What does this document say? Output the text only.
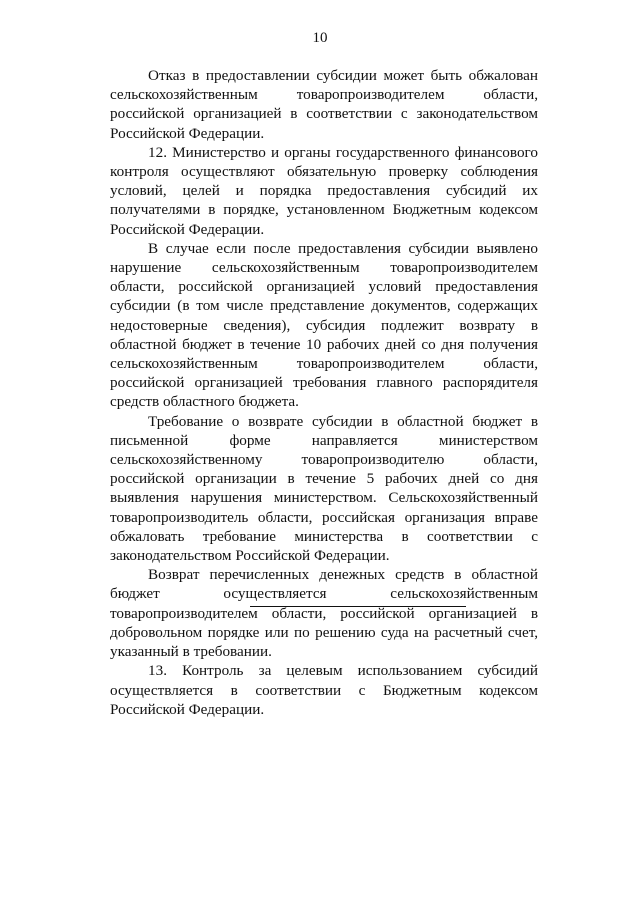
10

Отказ в предоставлении субсидии может быть обжалован сельскохозяйственным товаропроизводителем области, российской организацией в соответствии с законодательством Российской Федерации.

12. Министерство и органы государственного финансового контроля осуществляют обязательную проверку соблюдения условий, целей и порядка предоставления субсидий их получателями в порядке, установленном Бюджетным кодексом Российской Федерации.

В случае если после предоставления субсидии выявлено нарушение сельскохозяйственным товаропроизводителем области, российской организацией условий предоставления субсидии (в том числе представление документов, содержащих недостоверные сведения), субсидия подлежит возврату в областной бюджет в течение 10 рабочих дней со дня получения сельскохозяйственным товаропроизводителем области, российской организацией требования главного распорядителя средств областного бюджета.

Требование о возврате субсидии в областной бюджет в письменной форме направляется министерством сельскохозяйственному товаропроизводителю области, российской организации в течение 5 рабочих дней со дня выявления нарушения министерством. Сельскохозяйственный товаропроизводитель области, российская организация вправе обжаловать требование министерства в соответствии с законодательством Российской Федерации.

Возврат перечисленных денежных средств в областной бюджет осуществляется сельскохозяйственным товаропроизводителем области, российской организацией в добровольном порядке или по решению суда на расчетный счет, указанный в требовании.

13. Контроль за целевым использованием субсидий осуществляется в соответствии с Бюджетным кодексом Российской Федерации.
